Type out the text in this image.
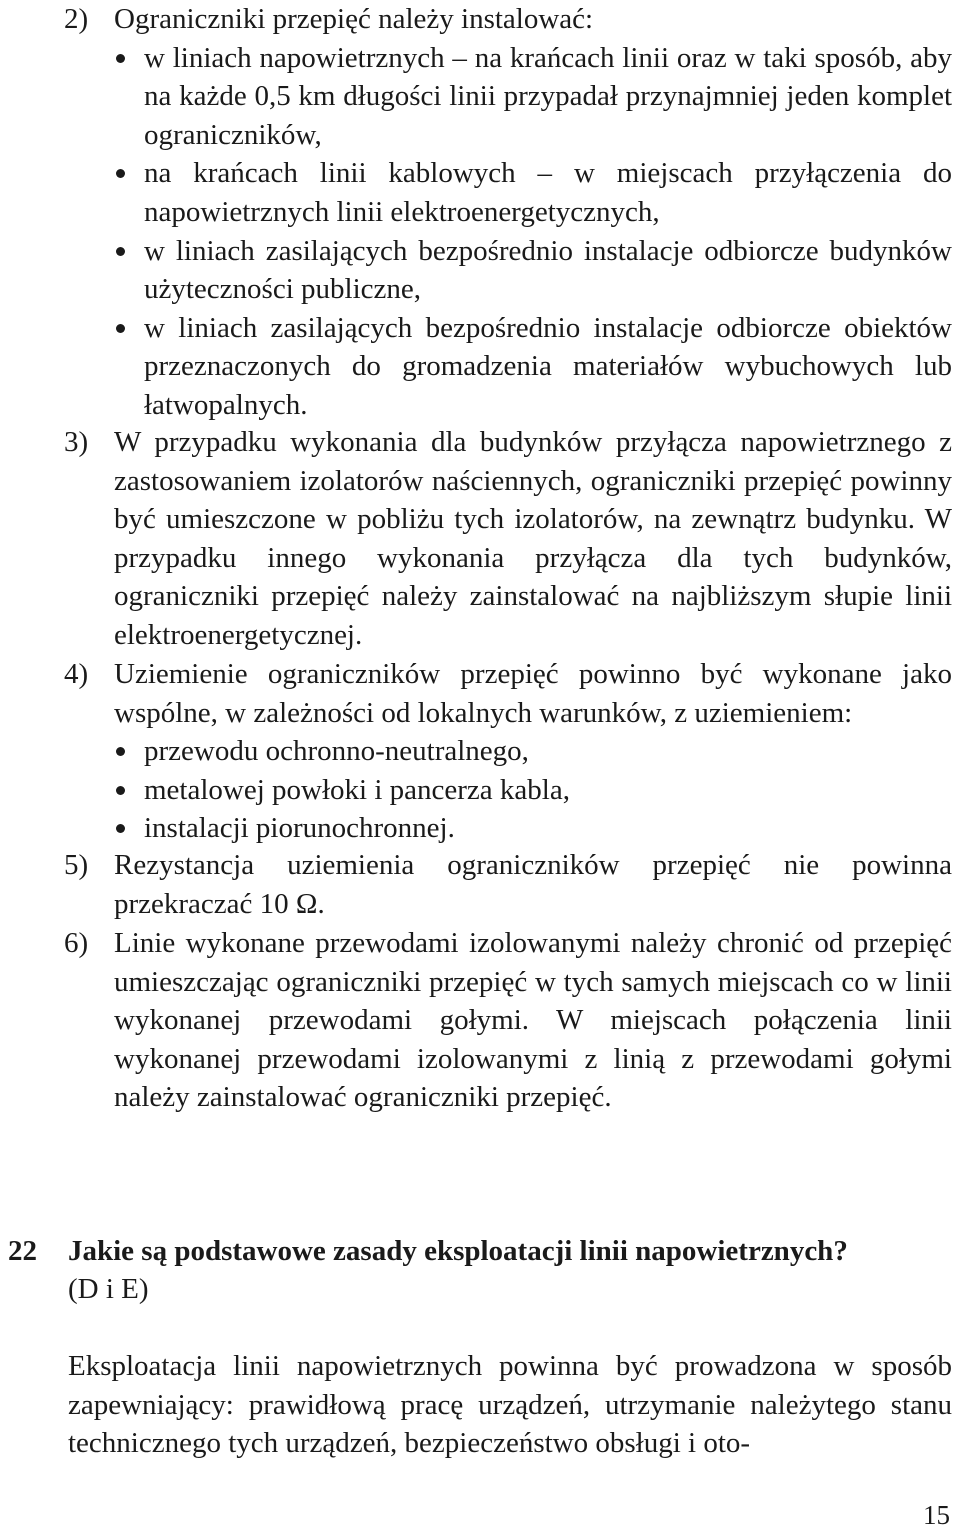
2) Ograniczniki przepięć należy instalować:
w liniach napowietrznych – na krańcach linii oraz w taki sposób, aby na każde 0,5 km długości linii przypadał przynajmniej jeden komplet ograniczników,
na krańcach linii kablowych – w miejscach przyłączenia do napowietrznych linii elektroenergetycznych,
w liniach zasilających bezpośrednio instalacje odbiorcze budynków użyteczności publiczne,
w liniach zasilających bezpośrednio instalacje odbiorcze obiektów przeznaczonych do gromadzenia materiałów wybuchowych lub łatwopalnych.
3) W przypadku wykonania dla budynków przyłącza napowietrznego z zastosowaniem izolatorów naściennych, ograniczniki przepięć powinny być umieszczone w pobliżu tych izolatorów, na zewnątrz budynku. W przypadku innego wykonania przyłącza dla tych budynków, ograniczniki przepięć należy zainstalować na najbliższym słupie linii elektroenergetycznej.
4) Uziemienie ograniczników przepięć powinno być wykonane jako wspólne, w zależności od lokalnych warunków, z uziemieniem:
przewodu ochronno-neutralnego,
metalowej powłoki i pancerza kabla,
instalacji piorunochronnej.
5) Rezystancja uziemienia ograniczników przepięć nie powinna przekraczać 10 Ω.
6) Linie wykonane przewodami izolowanymi należy chronić od przepięć umieszczając ograniczniki przepięć w tych samych miejscach co w linii wykonanej przewodami gołymi. W miejscach połączenia linii wykonanej przewodami izolowanymi z linią z przewodami gołymi należy zainstalować ograniczniki przepięć.
22 Jakie są podstawowe zasady eksploatacji linii napowietrznych?
(D i E)
Eksploatacja linii napowietrznych powinna być prowadzona w sposób zapewniający: prawidłową pracę urządzeń, utrzymanie należytego stanu technicznego tych urządzeń, bezpieczeństwo obsługi i oto-
15
